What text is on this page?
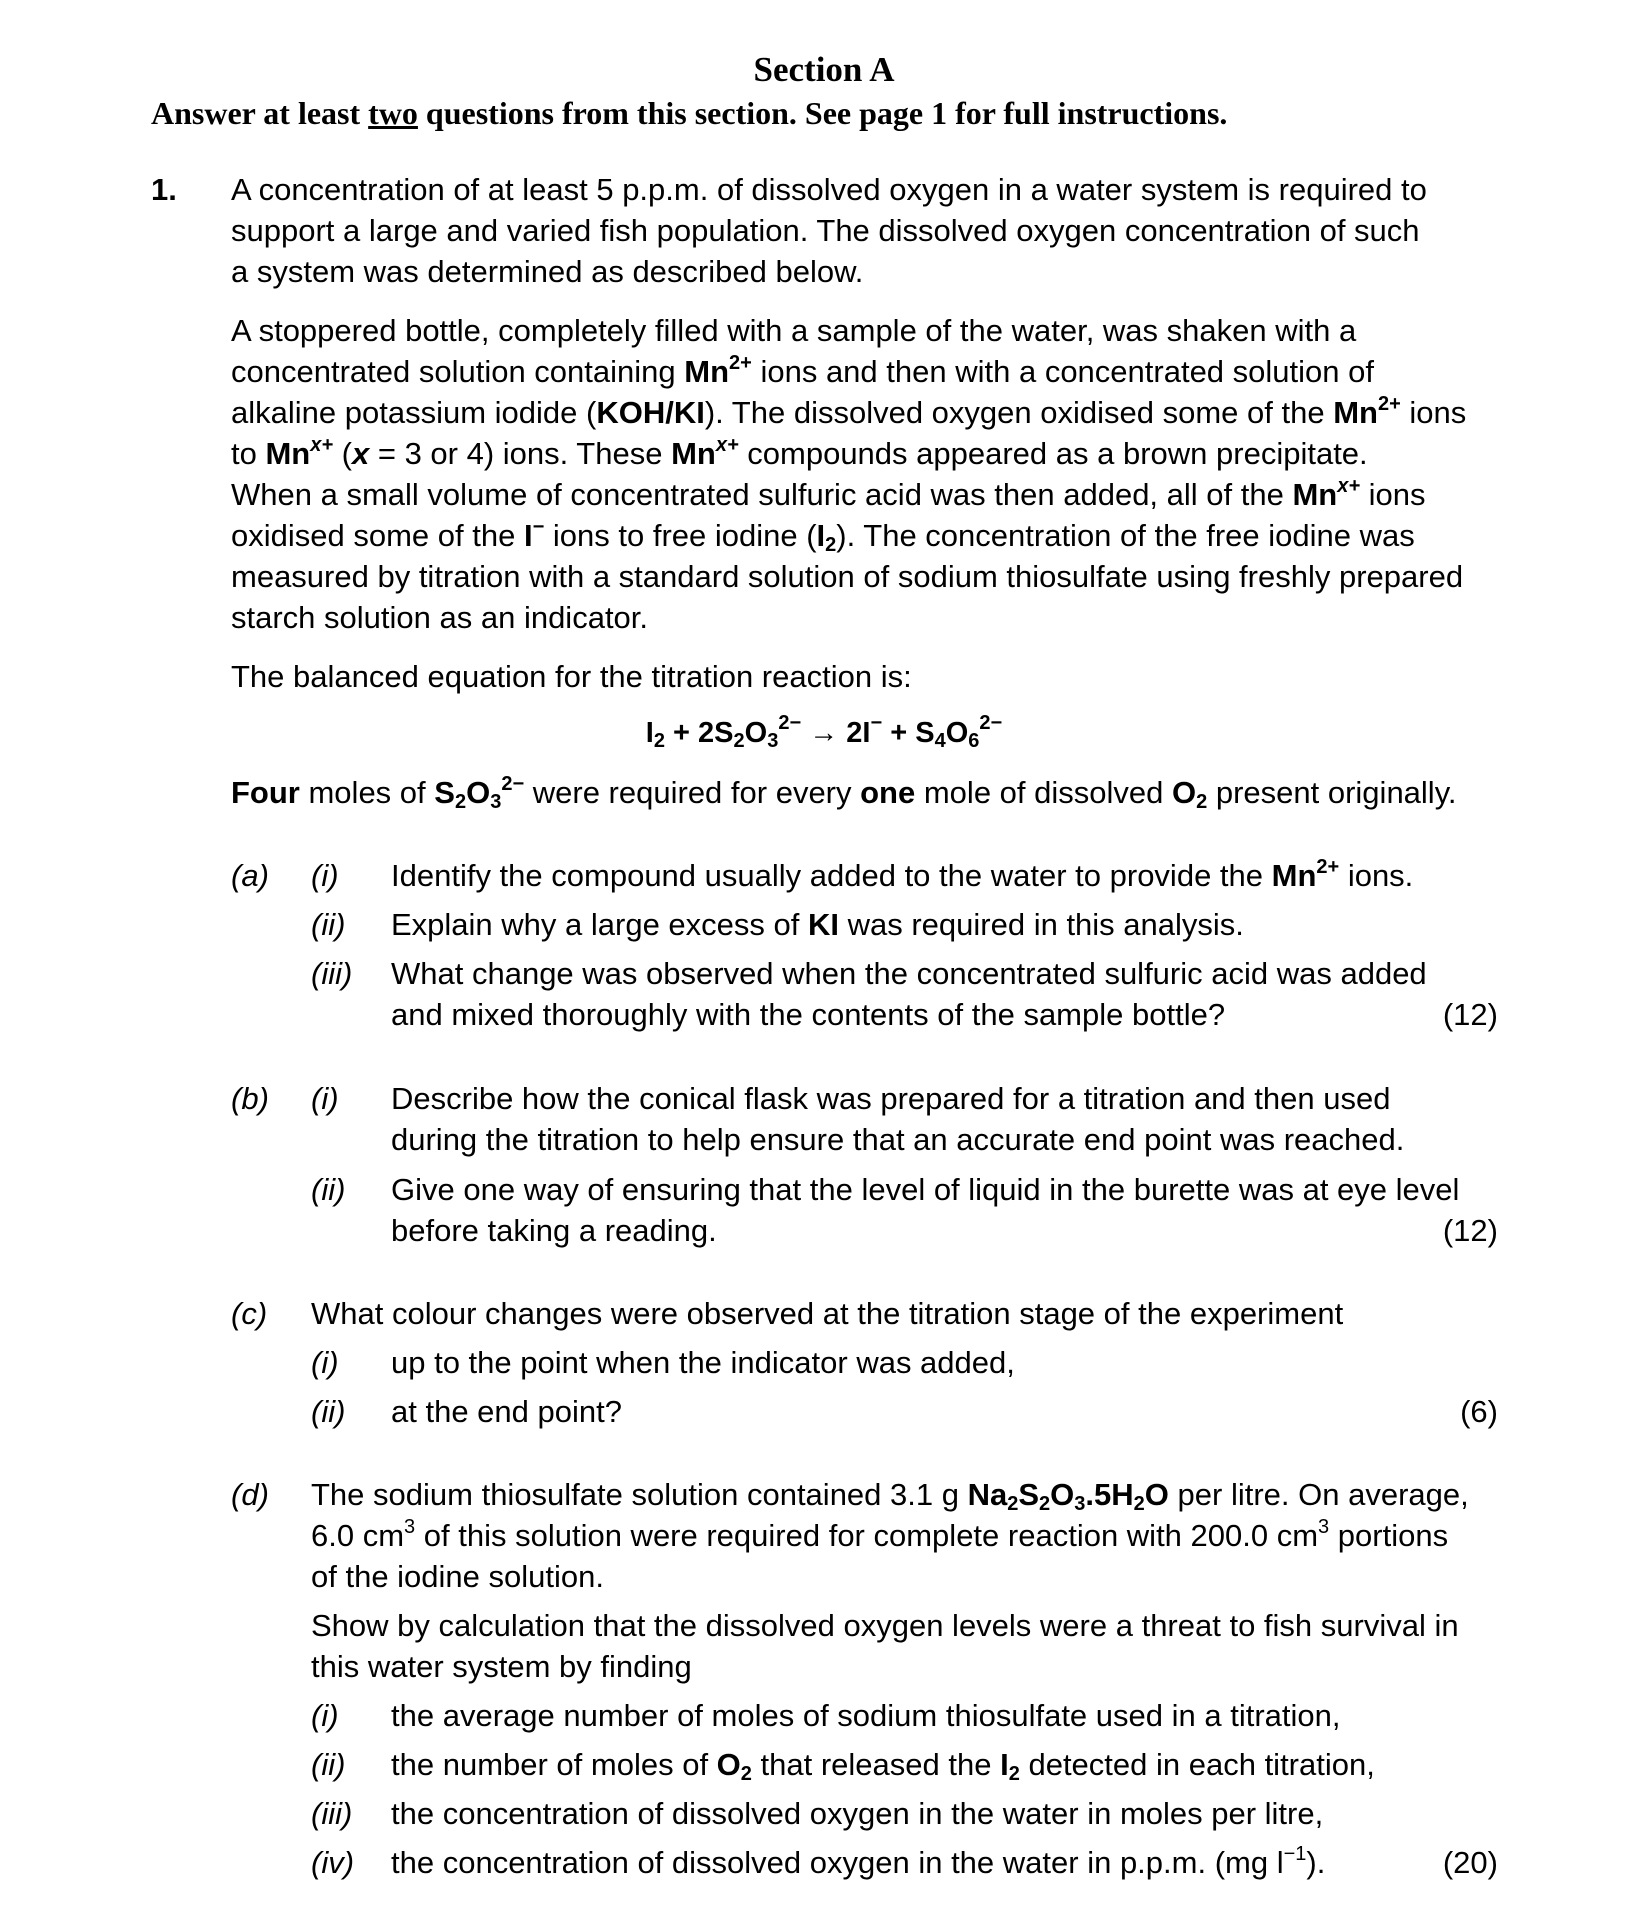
Section A
Answer at least two questions from this section. See page 1 for full instructions.
1. A concentration of at least 5 p.p.m. of dissolved oxygen in a water system is required to
support a large and varied fish population. The dissolved oxygen concentration of such
a system was determined as described below.
A stoppered bottle, completely filled with a sample of the water, was shaken with a
concentrated solution containing $Mn^{2+}$ ions and then with a concentrated solution of
alkaline potassium iodide (KOH/KI). The dissolved oxygen oxidised some of the $Mn^{2+}$ ions
to $Mn^{x+}$ (x = 3 or 4) ions. These $Mn^{x+}$ compounds appeared as a brown precipitate.
When a small volume of concentrated sulfuric acid was then added, all of the $Mn^{x+}$ ions
oxidised some of the I− ions to free iodine $(I_2)$. The concentration of the free iodine was
measured by titration with a standard solution of sodium thiosulfate using freshly prepared
starch solution as an indicator.
The balanced equation for the titration reaction is:
$I_2 + 2S_2O_3^{2-} \to 2I^- + S_4O_6^{2-}$
Four moles of $S_2O_3^{2-}$ were required for every one mole of dissolved $O_2$ present originally.
(a) (i) Identify the compound usually added to the water to provide the $Mn^{2+}$ ions.
(ii) Explain why a large excess of KI was required in this analysis.
(iii) What change was observed when the concentrated sulfuric acid was added
and mixed thoroughly with the contents of the sample bottle?	(12)
(b) (i) Describe how the conical flask was prepared for a titration and then used
during the titration to help ensure that an accurate end point was reached.
(ii) Give one way of ensuring that the level of liquid in the burette was at eye level
before taking a reading.	(12)
(c) What colour changes were observed at the titration stage of the experiment
(i) up to the point when the indicator was added,
(ii) at the end point?	(6)
(d) The sodium thiosulfate solution contained 3.1 g $Na_2S_2O_3.5H_2O$ per litre. On average,
6.0 $cm^3$ of this solution were required for complete reaction with 200.0 $cm^3$ portions
of the iodine solution.
Show by calculation that the dissolved oxygen levels were a threat to fish survival in
this water system by finding
(i) the average number of moles of sodium thiosulfate used in a titration,
(ii) the number of moles of $O_2$ that released the $I_2$ detected in each titration,
(iii) the concentration of dissolved oxygen in the water in moles per litre,
(iv) the concentration of dissolved oxygen in the water in p.p.m. (mg $l^{-1}$).	(20)
